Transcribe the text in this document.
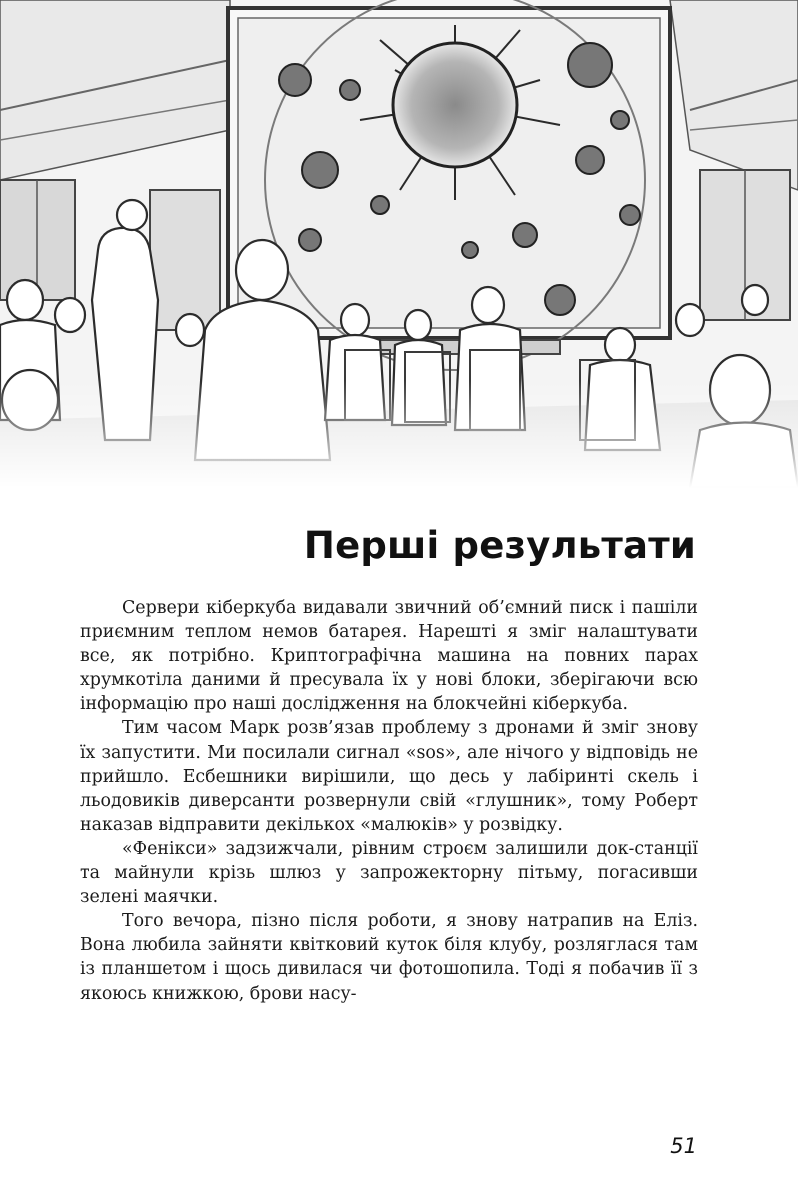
Перші результати

Сервери кіберкуба видавали звичний об’ємний писк і пашіли приємним теплом немов батарея. Нарешті я зміг налаштувати все, як потрібно. Криптографічна машина на повних парах хрумкотіла даними й пресувала їх у нові блоки, зберігаючи всю інформацію про наші дослідження на блокчейні кіберкуба.

Тим часом Марк розв’язав проблему з дронами й зміг знову їх запустити. Ми посилали сигнал «sos», але нічого у відповідь не прийшло. Есбешники вирішили, що десь у лабіринті скель і льодовиків диверсанти розвернули свій «глушник», тому Роберт наказав відправити декількох «малюків» у розвідку.

«Фенікси» задзижчали, рівним строєм залишили док-станції та майнули крізь шлюз у запрожекторну пітьму, погасивши зелені маячки.

Того вечора, пізно після роботи, я знову натрапив на Еліз. Вона любила зайняти квітковий куток біля клубу, розляглася там із планшетом і щось дивилася чи фотошопила. Тоді я побачив її з якоюсь книжкою, брови насу-

51
